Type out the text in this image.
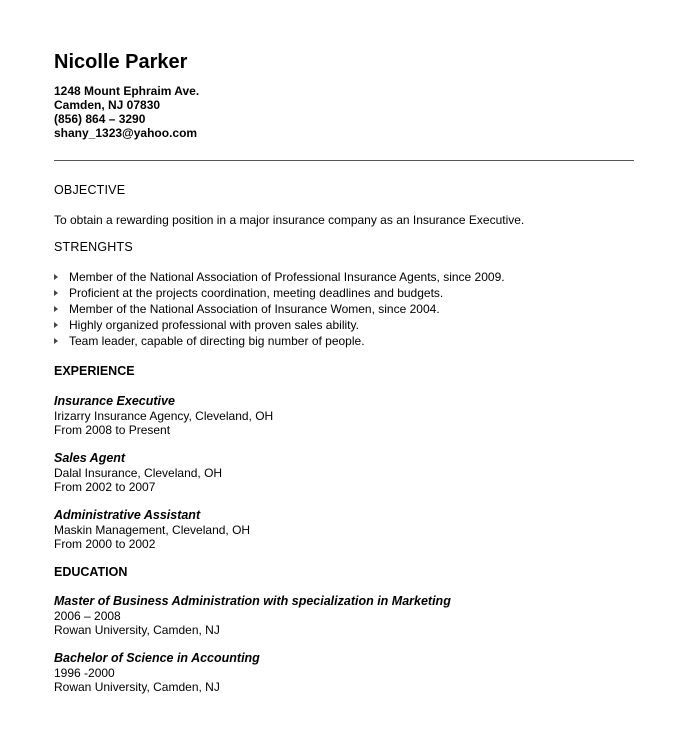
Nicolle Parker
1248 Mount Ephraim Ave.
Camden, NJ 07830
(856) 864 – 3290
shany_1323@yahoo.com
OBJECTIVE
To obtain a rewarding position in a major insurance company as an Insurance Executive.
STRENGHTS
Member of the National Association of Professional Insurance Agents, since 2009.
Proficient at the projects coordination, meeting deadlines and budgets.
Member of the National Association of Insurance Women, since 2004.
Highly organized professional with proven sales ability.
Team leader, capable of directing big number of people.
EXPERIENCE
Insurance Executive
Irizarry Insurance Agency, Cleveland, OH
From 2008 to Present
Sales Agent
Dalal Insurance, Cleveland, OH
From 2002 to 2007
Administrative Assistant
Maskin Management, Cleveland, OH
From 2000 to 2002
EDUCATION
Master of Business Administration with specialization in Marketing
2006 – 2008
Rowan University, Camden, NJ
Bachelor of Science in Accounting
1996 -2000
Rowan University, Camden, NJ
